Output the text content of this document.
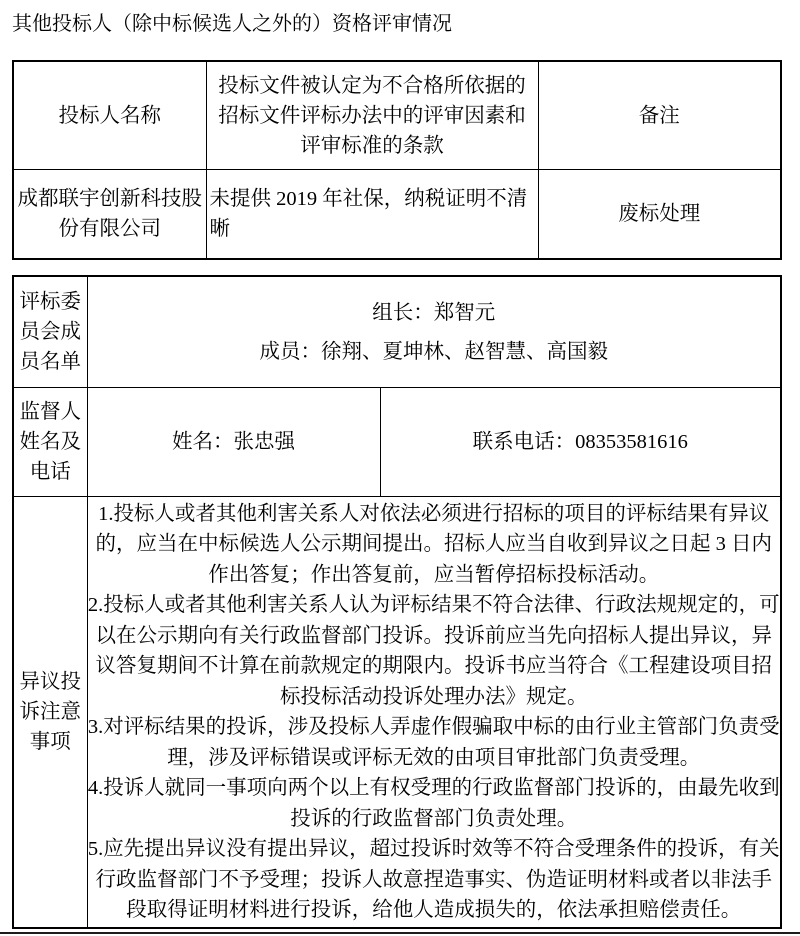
其他投标人（除中标候选人之外的）资格评审情况
投标人名称	投标文件被认定为不合格所依据的招标文件评标办法中的评审因素和评审标准的条款	备注
成都联宇创新科技股份有限公司	未提供 2019 年社保，纳税证明不清晰	废标处理
评标委员会成员名单	组长：郑智元

成员：徐翔、夏坤林、赵智慧、高国毅	

监督人姓名及电话	姓名：张忠强	联系电话：08353581616
异议投诉注意事项	1.投标人或者其他利害关系人对依法必须进行招标的项目的评标结果有异议的，应当在中标候选人公示期间提出。招标人应当自收到异议之日起 3 日内作出答复；作出答复前，应当暂停招标投标活动。

2.投标人或者其他利害关系人认为评标结果不符合法律、行政法规规定的，可以在公示期向有关行政监督部门投诉。投诉前应当先向招标人提出异议，异议答复期间不计算在前款规定的期限内。投诉书应当符合《工程建设项目招标投标活动投诉处理办法》规定。

3.对评标结果的投诉，涉及投标人弄虚作假骗取中标的由行业主管部门负责受理，涉及评标错误或评标无效的由项目审批部门负责受理。

4.投诉人就同一事项向两个以上有权受理的行政监督部门投诉的，由最先收到投诉的行政监督部门负责处理。

5.应先提出异议没有提出异议，超过投诉时效等不符合受理条件的投诉，有关行政监督部门不予受理；投诉人故意捏造事实、伪造证明材料或者以非法手段取得证明材料进行投诉，给他人造成损失的，依法承担赔偿责任。	
